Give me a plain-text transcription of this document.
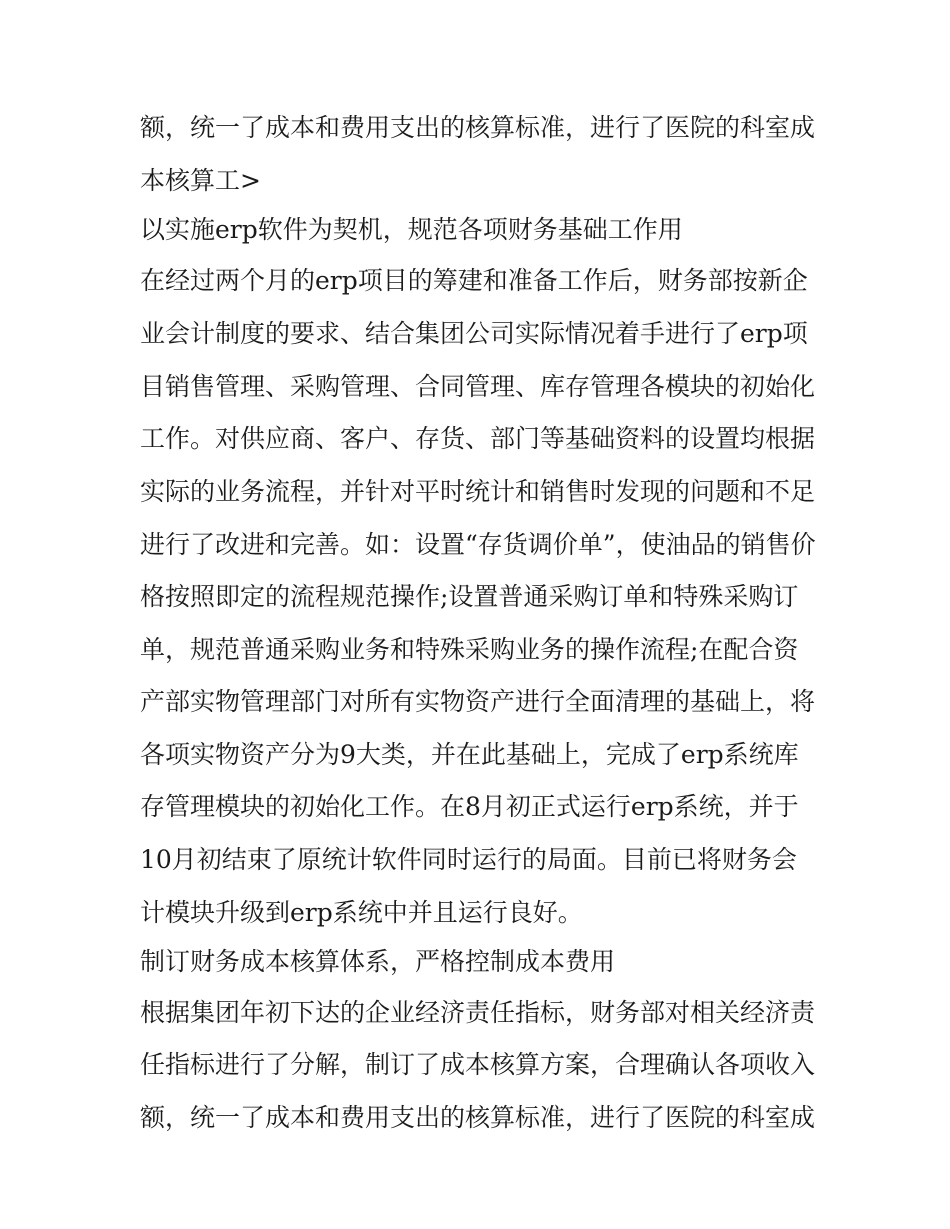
额，统一了成本和费用支出的核算标准，进行了医院的科室成
本核算工>
以实施erp软件为契机，规范各项财务基础工作用
在经过两个月的erp项目的筹建和准备工作后，财务部按新企
业会计制度的要求、结合集团公司实际情况着手进行了erp项
目销售管理、采购管理、合同管理、库存管理各模块的初始化
工作。对供应商、客户、存货、部门等基础资料的设置均根据
实际的业务流程，并针对平时统计和销售时发现的问题和不足
进行了改进和完善。如：设置“存货调价单”，使油品的销售价
格按照即定的流程规范操作;设置普通采购订单和特殊采购订
单，规范普通采购业务和特殊采购业务的操作流程;在配合资
产部实物管理部门对所有实物资产进行全面清理的基础上，将
各项实物资产分为9大类，并在此基础上，完成了erp系统库
存管理模块的初始化工作。在8月初正式运行erp系统，并于
10月初结束了原统计软件同时运行的局面。目前已将财务会
计模块升级到erp系统中并且运行良好。
制订财务成本核算体系，严格控制成本费用
根据集团年初下达的企业经济责任指标，财务部对相关经济责
任指标进行了分解，制订了成本核算方案，合理确认各项收入
额，统一了成本和费用支出的核算标准，进行了医院的科室成
